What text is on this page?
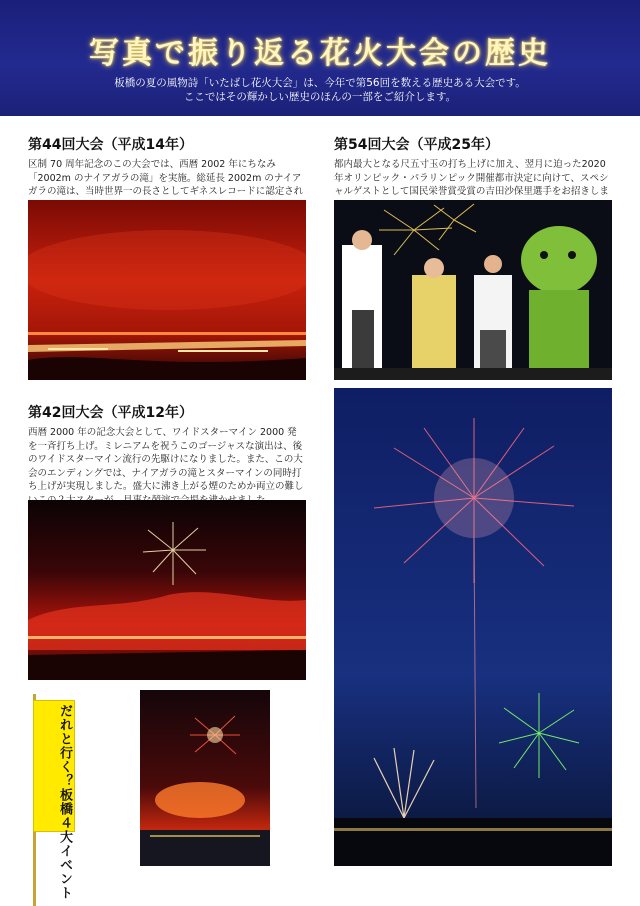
写真で振り返る花火大会の歴史
板橋の夏の風物詩「いたばし花火大会」は、今年で第56回を数える歴史ある大会です。
ここではその輝かしい歴史のほんの一部をご紹介します。
第44回大会（平成14年）
区制 70 周年記念のこの大会では、西暦 2002 年にちなみ「2002m のナイアガラの滝」を実施。総延長 2002m のナイアガラの滝は、当時世界一の長さとしてギネスレコードに認定され
第54回大会（平成25年）
都内最大となる尺五寸玉の打ち上げに加え、翌月に迫った2020年オリンピック・パラリンピック開催都市決定に向けて、スペシャルゲストとして国民栄誉賞受賞の吉田沙保里選手をお招きしま
第42回大会（平成12年）
西暦 2000 年の記念大会として、ワイドスターマイン 2000 発を一斉打ち上げ。ミレニアムを祝うこのゴージャスな演出は、後のワイドスターマイン流行の先駆けになりました。また、この大会のエンディングでは、ナイアガラの滝とスターマインの同時打ち上げが実現しました。盛大に沸き上がる煙のためか両立の難し
だれと行く？板橋４大イベント
